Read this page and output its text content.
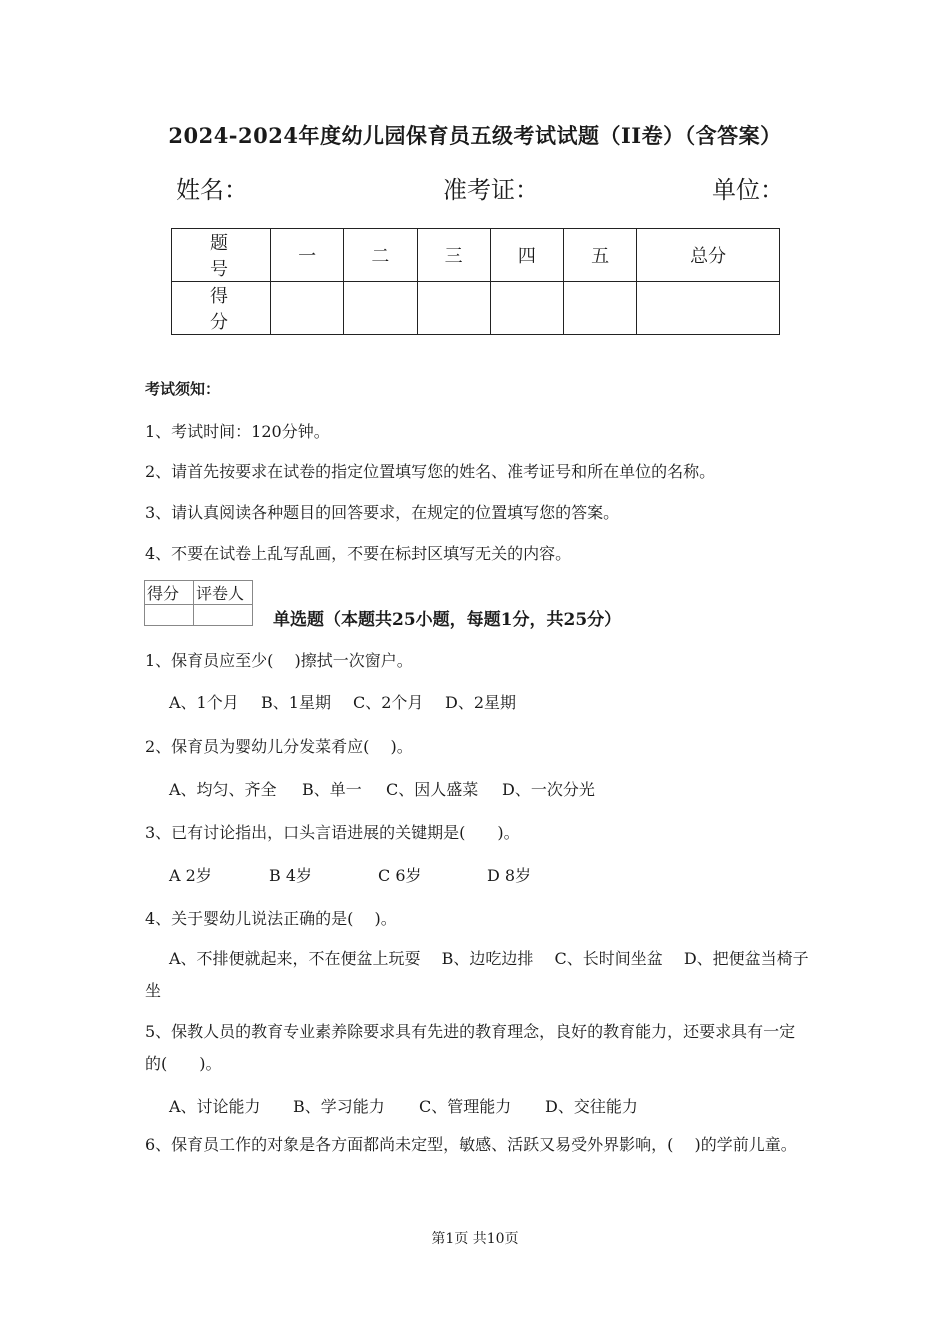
2024-2024年度幼儿园保育员五级考试试题（II卷）（含答案）
姓名：	准考证：	单位：
题　号	一	二	三	四	五	总分
得　分						
考试须知：
1、考试时间：120分钟。
2、请首先按要求在试卷的指定位置填写您的姓名、准考证号和所在单位的名称。
3、请认真阅读各种题目的回答要求，在规定的位置填写您的答案。
4、不要在试卷上乱写乱画，不要在标封区填写无关的内容。
得分	评卷人

单选题（本题共25小题，每题1分，共25分）
1、保育员应至少(　 )擦拭一次窗户。
A、1个月 B、1星期 C、2个月 D、2星期
2、保育员为婴幼儿分发菜肴应(　 )。
A、均匀、齐全 B、单一 C、因人盛菜 D、一次分光
3、已有讨论指出，口头言语进展的关键期是(　　)。
A 2岁	B 4岁	C 6岁	D 8岁
4、关于婴幼儿说法正确的是(　 )。
A、不排便就起来，不在便盆上玩耍　 B、边吃边排　 C、长时间坐盆　 D、把便盆当椅子坐
5、保教人员的教育专业素养除要求具有先进的教育理念，良好的教育能力，还要求具有一定的(　　)。
A、讨论能力 B、学习能力 C、管理能力 D、交往能力
6、保育员工作的对象是各方面都尚未定型，敏感、活跃又易受外界影响，(　 )的学前儿童。
第1页 共10页
